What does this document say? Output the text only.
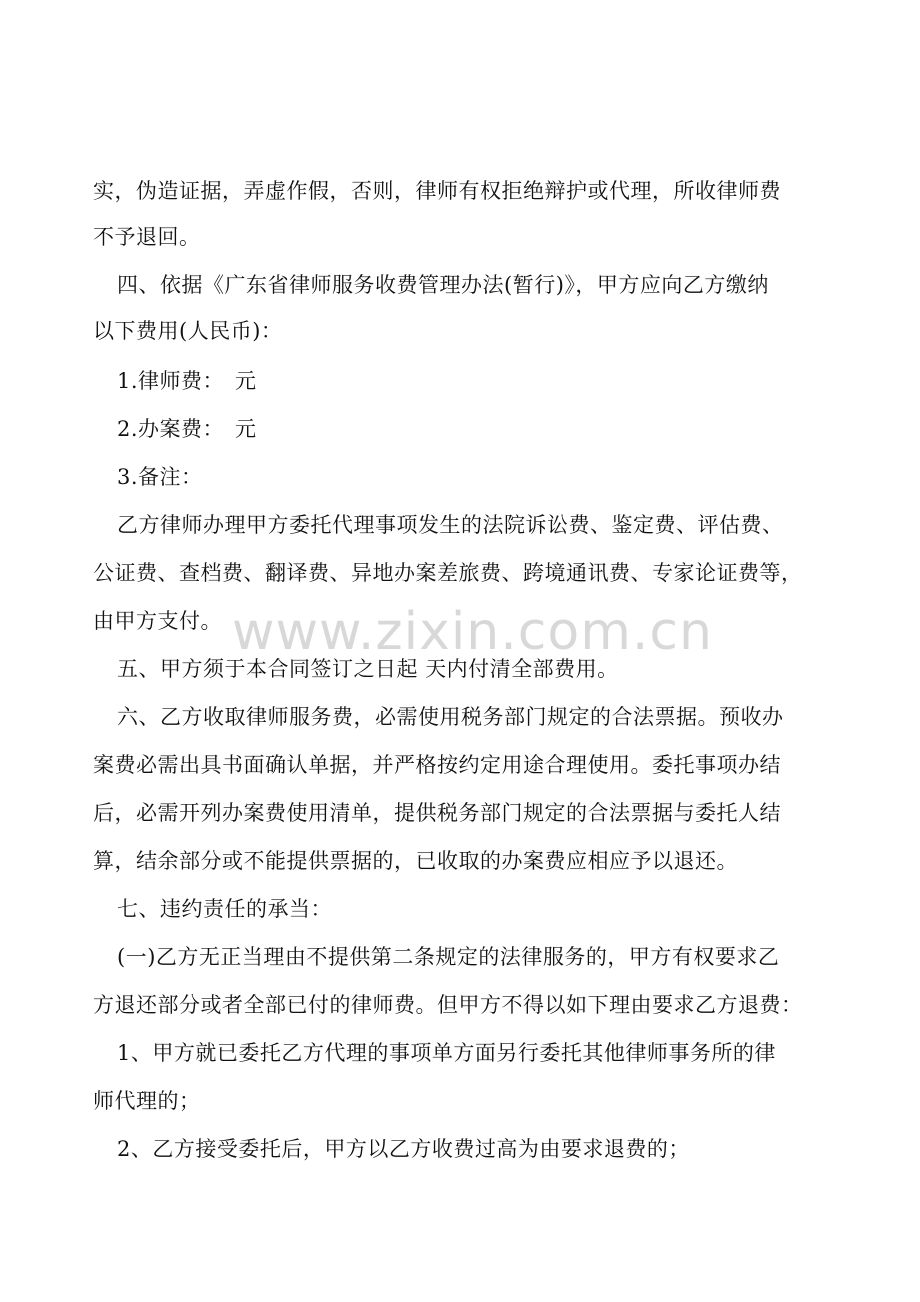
实，伪造证据，弄虚作假，否则，律师有权拒绝辩护或代理，所收律师费
不予退回。
四、依据《广东省律师服务收费管理办法(暂行)》，甲方应向乙方缴纳
以下费用(人民币)：
1.律师费：　元
2.办案费：　元
3.备注：
乙方律师办理甲方委托代理事项发生的法院诉讼费、鉴定费、评估费、
公证费、查档费、翻译费、异地办案差旅费、跨境通讯费、专家论证费等，
由甲方支付。
五、甲方须于本合同签订之日起 天内付清全部费用。
六、乙方收取律师服务费，必需使用税务部门规定的合法票据。预收办
案费必需出具书面确认单据，并严格按约定用途合理使用。委托事项办结
后，必需开列办案费使用清单，提供税务部门规定的合法票据与委托人结
算，结余部分或不能提供票据的，已收取的办案费应相应予以退还。
七、违约责任的承当：
(一)乙方无正当理由不提供第二条规定的法律服务的，甲方有权要求乙
方退还部分或者全部已付的律师费。但甲方不得以如下理由要求乙方退费：
1、甲方就已委托乙方代理的事项单方面另行委托其他律师事务所的律
师代理的；
2、乙方接受委托后，甲方以乙方收费过高为由要求退费的；
www.zixin.com.cn
